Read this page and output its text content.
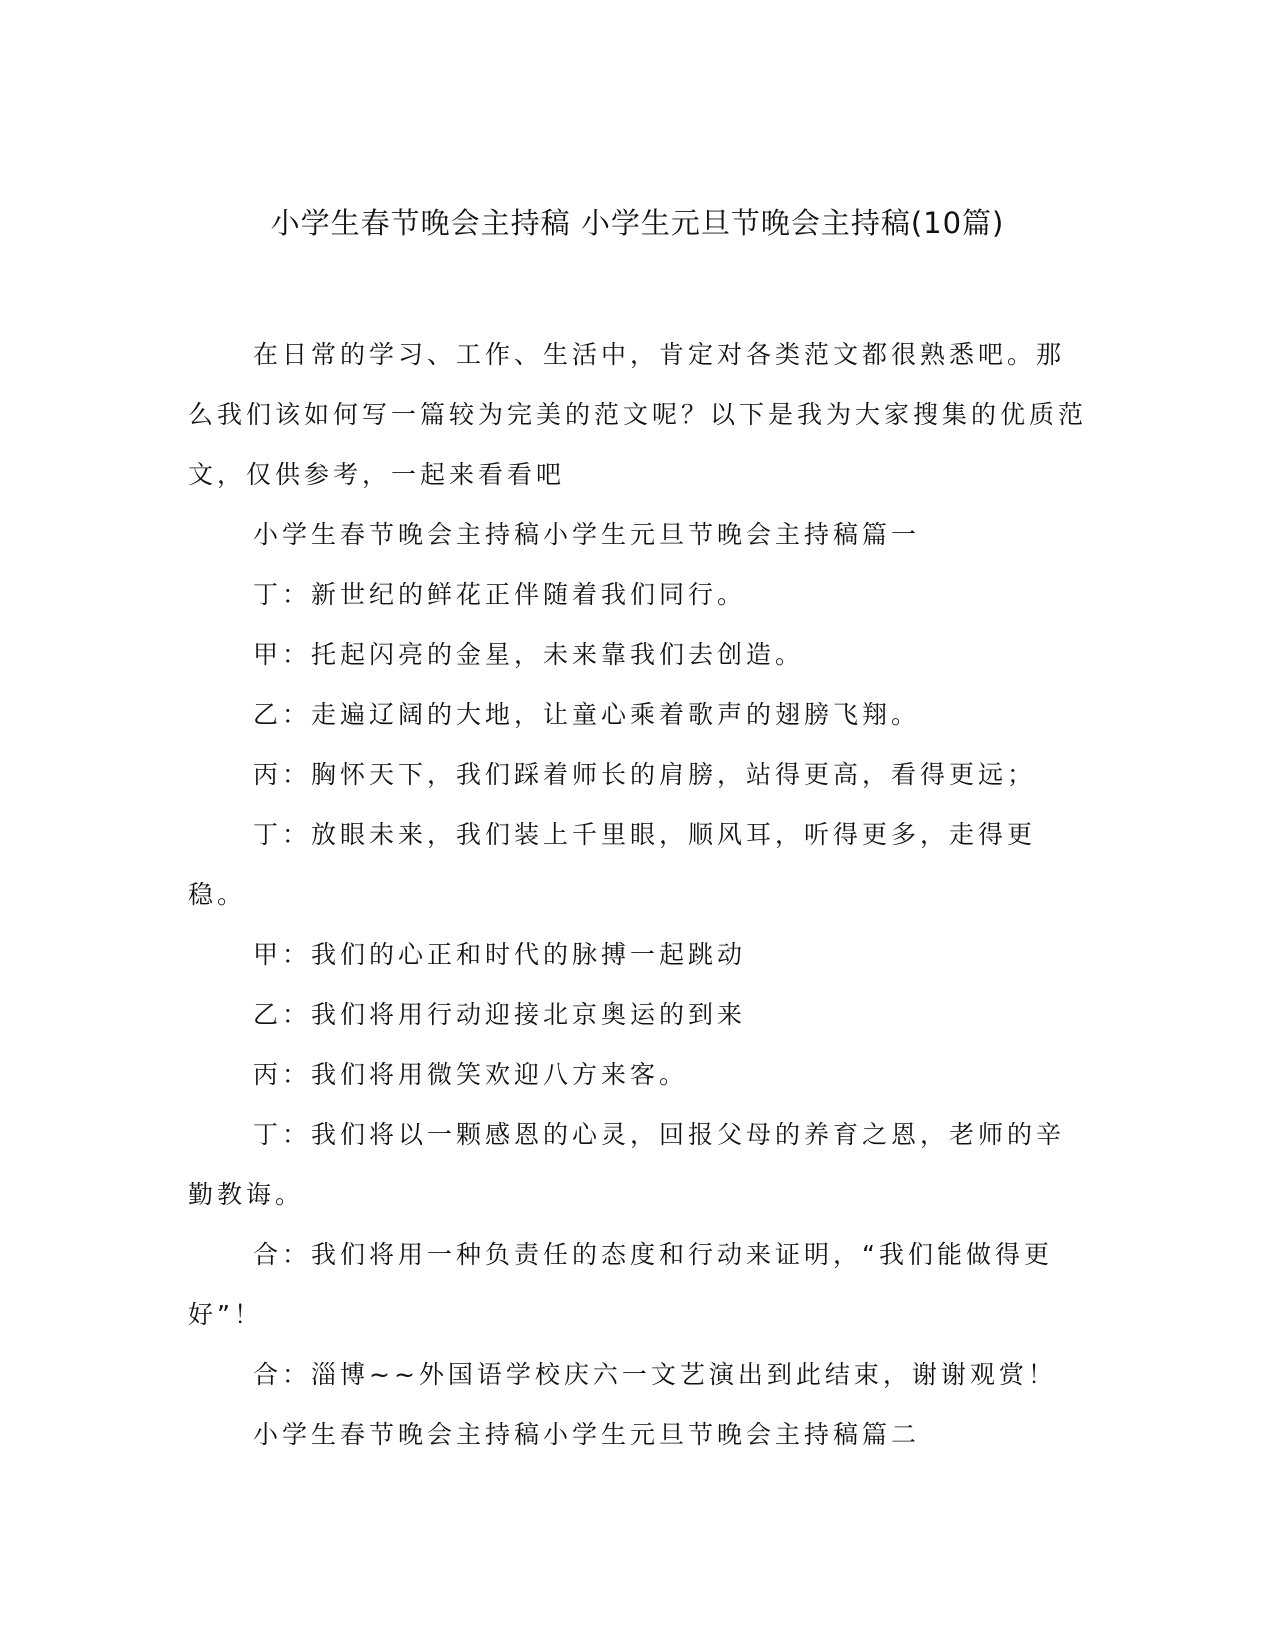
小学生春节晚会主持稿 小学生元旦节晚会主持稿(10篇)

在日常的学习、工作、生活中，肯定对各类范文都很熟悉吧。那么我们该如何写一篇较为完美的范文呢？以下是我为大家搜集的优质范文，仅供参考，一起来看看吧

小学生春节晚会主持稿小学生元旦节晚会主持稿篇一

丁：新世纪的鲜花正伴随着我们同行。

甲：托起闪亮的金星，未来靠我们去创造。

乙：走遍辽阔的大地，让童心乘着歌声的翅膀飞翔。

丙：胸怀天下，我们踩着师长的肩膀，站得更高，看得更远；

丁：放眼未来，我们装上千里眼，顺风耳，听得更多，走得更稳。

甲：我们的心正和时代的脉搏一起跳动

乙：我们将用行动迎接北京奥运的到来

丙：我们将用微笑欢迎八方来客。

丁：我们将以一颗感恩的心灵，回报父母的养育之恩，老师的辛勤教诲。

合：我们将用一种负责任的态度和行动来证明，“我们能做得更好”！

合：淄博~~外国语学校庆六一文艺演出到此结束，谢谢观赏！

小学生春节晚会主持稿小学生元旦节晚会主持稿篇二
